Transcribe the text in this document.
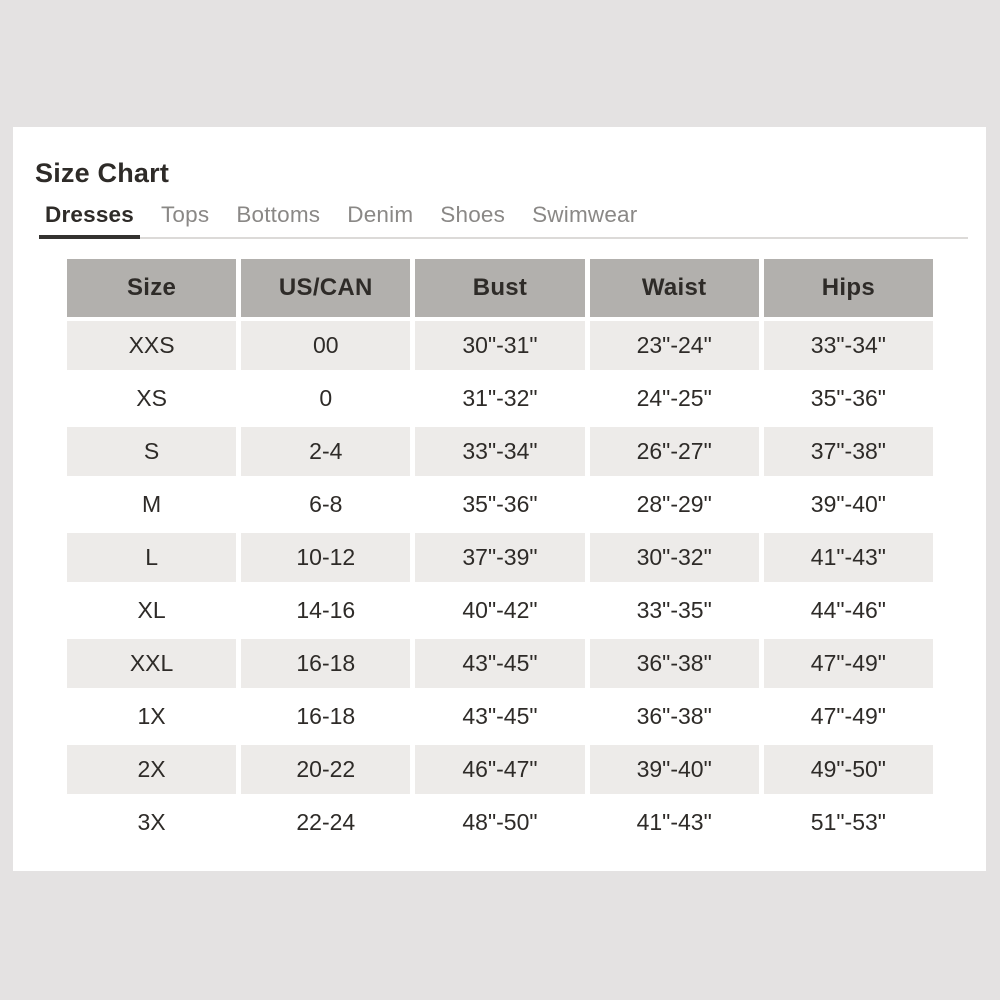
Size Chart
Dresses Tops Bottoms Denim Shoes Swimwear
Size	US/CAN	Bust	Waist	Hips
XXS	00	30"-31"	23"-24"	33"-34"
XS	0	31"-32"	24"-25"	35"-36"
S	2-4	33"-34"	26"-27"	37"-38"
M	6-8	35"-36"	28"-29"	39"-40"
L	10-12	37"-39"	30"-32"	41"-43"
XL	14-16	40"-42"	33"-35"	44"-46"
XXL	16-18	43"-45"	36"-38"	47"-49"
1X	16-18	43"-45"	36"-38"	47"-49"
2X	20-22	46"-47"	39"-40"	49"-50"
3X	22-24	48"-50"	41"-43"	51"-53"
